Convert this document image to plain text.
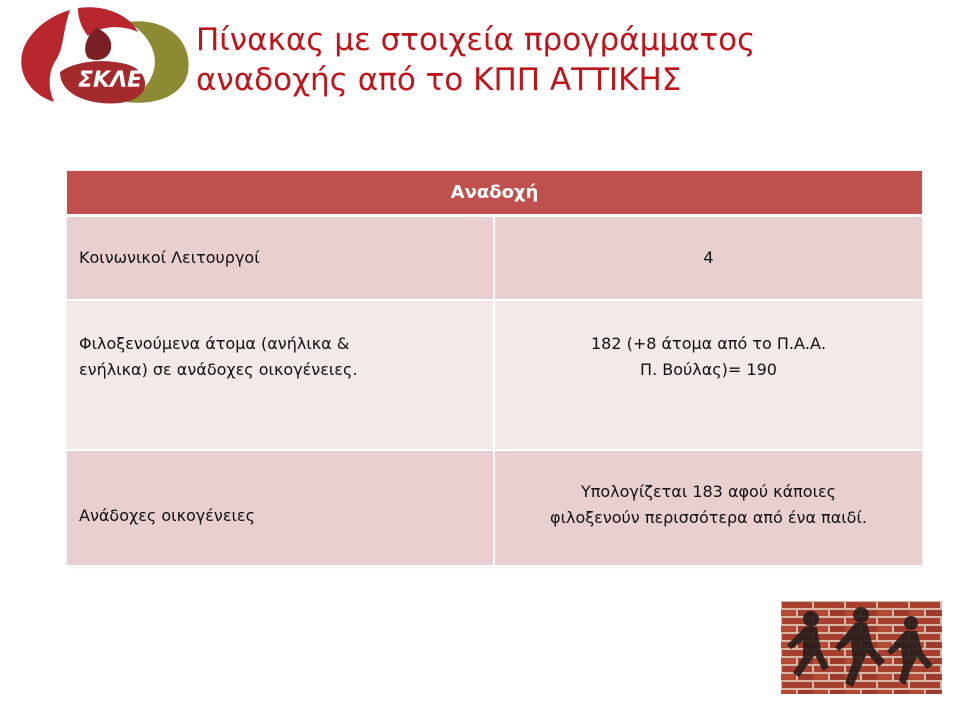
ΣΚΛΕ
Πίνακας με στοιχεία προγράμματος
αναδοχής από το ΚΠΠ ΑΤΤΙΚΗΣ
Αναδοχή	
Κοινωνικοί Λειτουργοί	4

Φιλοξενούμενα άτομα (ανήλικα &
ενήλικα) σε ανάδοχες οικογένειες.	182 (+8 άτομα από το Π.Α.Α.
Π. Βούλας)= 190

Ανάδοχες οικογένειες	Υπολογίζεται 183 αφού κάποιες
φιλοξενούν περισσότερα από ένα παιδί.
